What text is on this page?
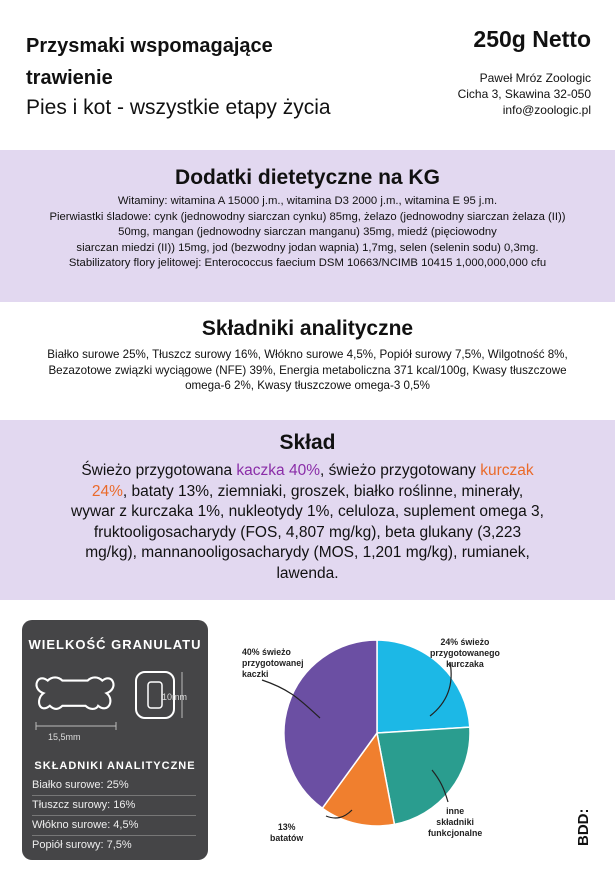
Przysmaki wspomagające trawienie
Pies i kot - wszystkie etapy życia
250g Netto
Paweł Mróz Zoologic
Cicha 3, Skawina 32-050
info@zoologic.pl
Dodatki dietetyczne na KG
Witaminy: witamina A 15000 j.m., witamina D3 2000 j.m., witamina E 95 j.m.
Pierwiastki śladowe: cynk (jednowodny siarczan cynku) 85mg, żelazo (jednowodny siarczan żelaza (II))
50mg, mangan (jednowodny siarczan manganu) 35mg, miedź (pięciowodny
siarczan miedzi (II)) 15mg, jod (bezwodny jodan wapnia) 1,7mg, selen (selenin sodu) 0,3mg.
Stabilizatory flory jelitowej: Enterococcus faecium DSM 10663/NCIMB 10415 1,000,000,000 cfu
Składniki analityczne
Białko surowe 25%, Tłuszcz surowy 16%, Włókno surowe 4,5%, Popiół surowy 7,5%, Wilgotność 8%,
Bezazotowe związki wyciągowe (NFE) 39%, Energia metaboliczna 371 kcal/100g, Kwasy tłuszczowe
omega-6 2%, Kwasy tłuszczowe omega-3 0,5%
Skład
Świeżo przygotowana kaczka 40%, świeżo przygotowany kurczak
24%, bataty 13%, ziemniaki, groszek, białko roślinne, minerały,
wywar z kurczaka 1%, nukleotydy 1%, celuloza, suplement omega 3,
fruktooligosacharydy (FOS, 4,807 mg/kg), beta glukany (3,223
mg/kg), mannanooligosacharydy (MOS, 1,201 mg/kg), rumianek,
lawenda.
WIELKOŚĆ GRANULATU
15,5mm
10mm
SKŁADNIKI ANALITYCZNE
Białko surowe: 25%
Tłuszcz surowy: 16%
Włókno surowe: 4,5%
Popiół surowy: 7,5%
40% świeżo
przygotowanej
kaczki
24% świeżo
przygotowanego
kurczaka
13%
batatów
inne
składniki
funkcjonalne	BDD:
